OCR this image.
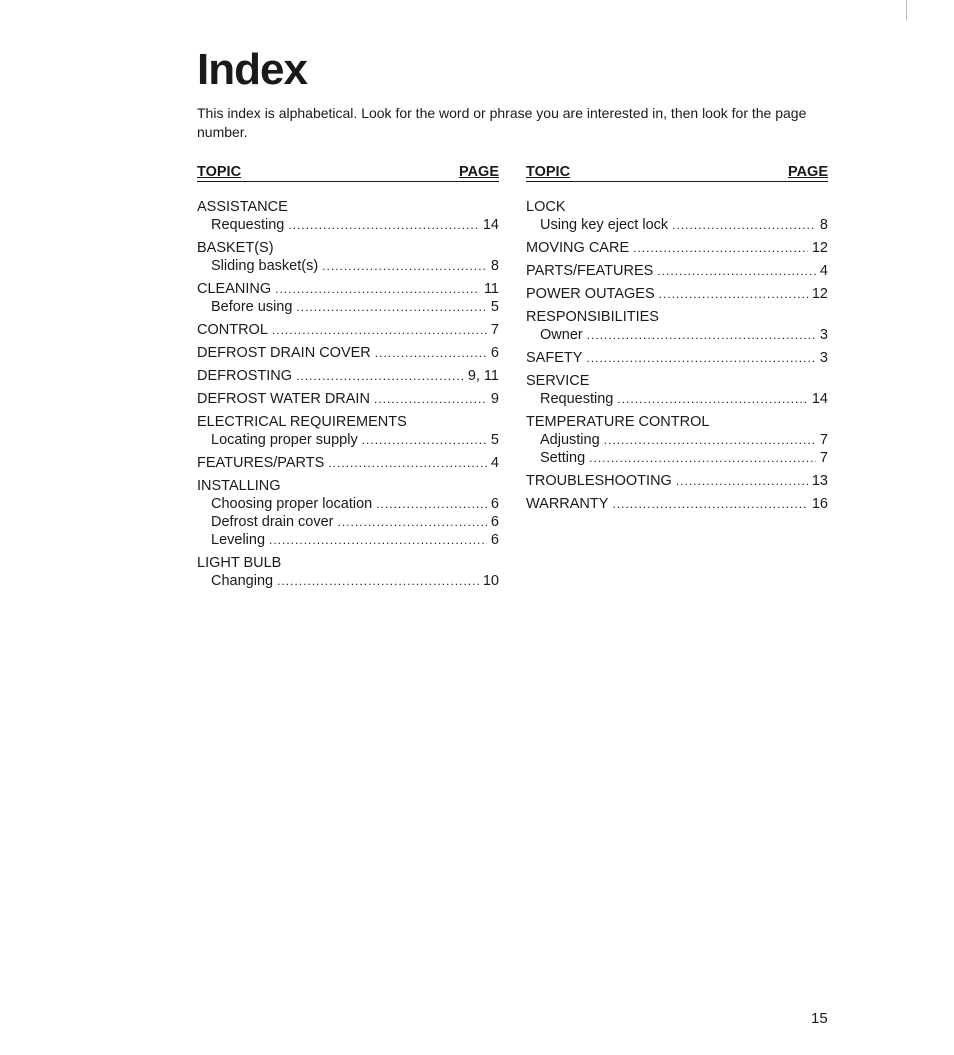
Index

This index is alphabetical. Look for the word or phrase you are interested in, then look for the page number.

TOPIC	PAGE
ASSISTANCE
Requesting .....	14
BASKET(S)
Sliding basket(s) .....	8
CLEANING .....	11
Before using .....	5
CONTROL .....	7
DEFROST DRAIN COVER .....	6
DEFROSTING .....	9, 11
DEFROST WATER DRAIN .....	9
ELECTRICAL REQUIREMENTS
Locating proper supply .....	5
FEATURES/PARTS .....	4
INSTALLING
Choosing proper location .....	6
Defrost drain cover .....	6
Leveling .....	6
LIGHT BULB
Changing .....	10
TOPIC	PAGE
LOCK
Using key eject lock .....	8
MOVING CARE .....	12
PARTS/FEATURES .....	4
POWER OUTAGES .....	12
RESPONSIBILITIES
Owner .....	3
SAFETY .....	3
SERVICE
Requesting .....	14
TEMPERATURE CONTROL
Adjusting .....	7
Setting .....	7
TROUBLESHOOTING .....	13
WARRANTY .....	16
15
